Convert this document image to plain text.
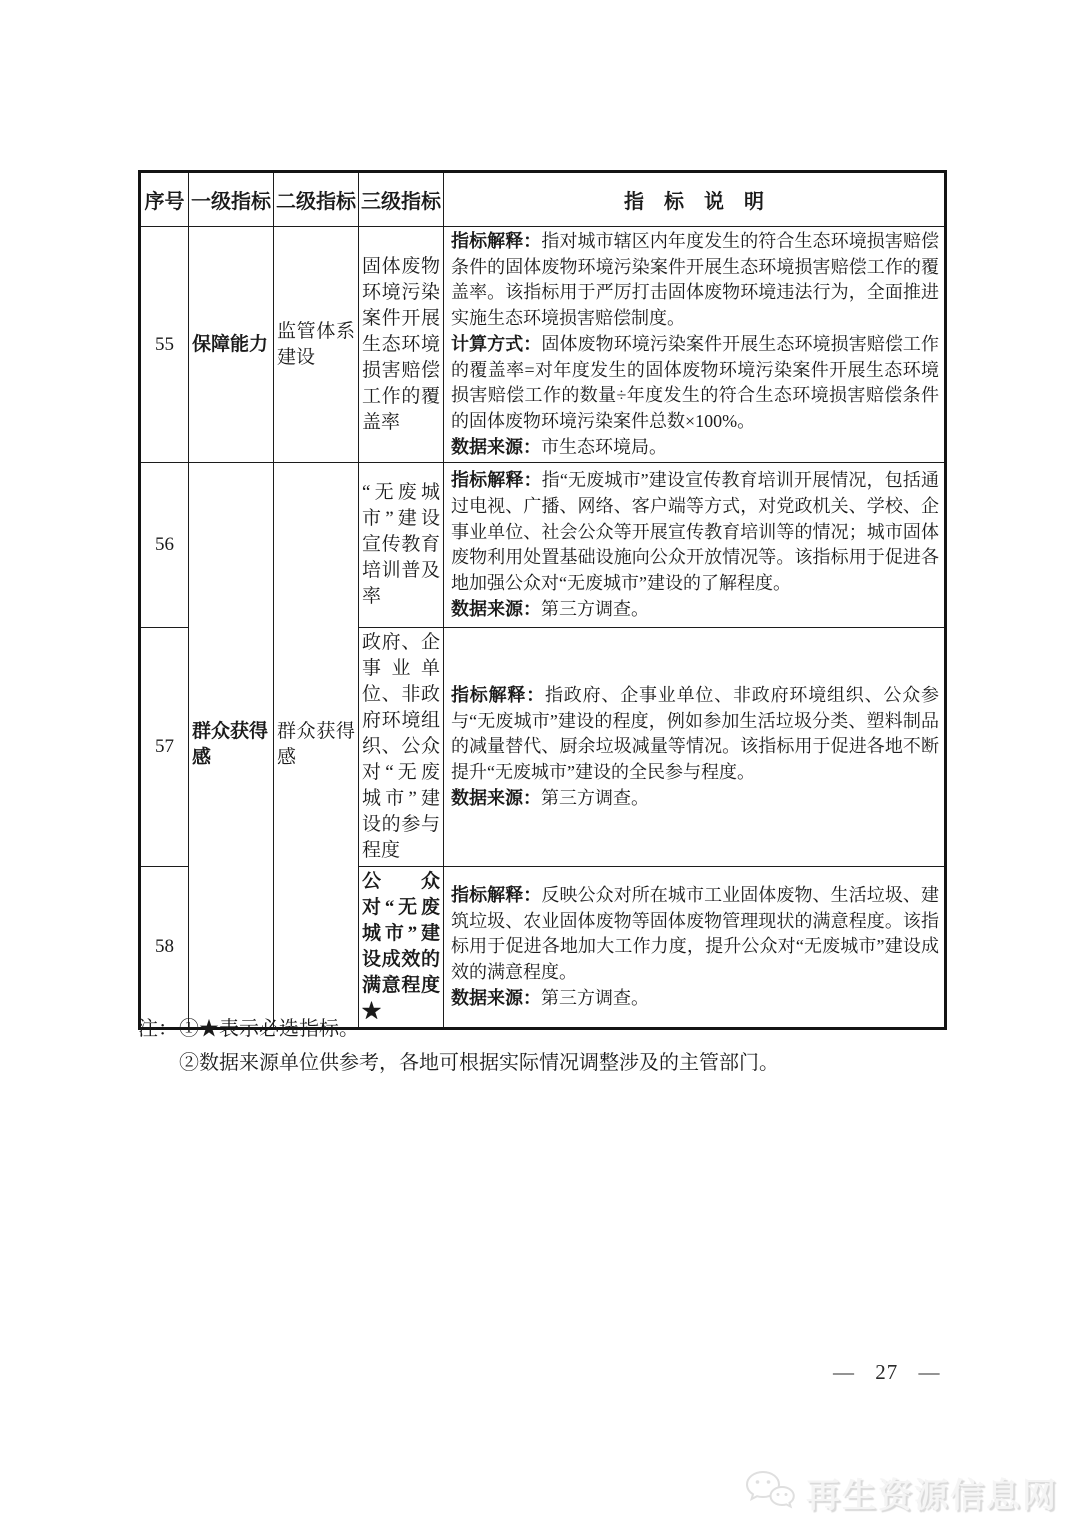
序号	一级指标	二级指标	三级指标	指　标　说　明
55	保障能力	监管体系建设	固体废物环境污染案件开展生态环境损害赔偿工作的覆盖率	指标解释：指对城市辖区内年度发生的符合生态环境损害赔偿条件的固体废物环境污染案件开展生态环境损害赔偿工作的覆盖率。该指标用于严厉打击固体废物环境违法行为，全面推进实施生态环境损害赔偿制度。

计算方式：固体废物环境污染案件开展生态环境损害赔偿工作的覆盖率=对年度发生的固体废物环境污染案件开展生态环境损害赔偿工作的数量÷年度发生的符合生态环境损害赔偿条件的固体废物环境污染案件总数×100%。

数据来源：市生态环境局。

56	群众获得感	群众获得感	“无废城市”建设宣传教育培训普及率	指标解释：指“无废城市”建设宣传教育培训开展情况，包括通过电视、广播、网络、客户端等方式，对党政机关、学校、企事业单位、社会公众等开展宣传教育培训等的情况；城市固体废物利用处置基础设施向公众开放情况等。该指标用于促进各地加强公众对“无废城市”建设的了解程度。

数据来源：第三方调查。

57			政府、企事业单位、非政府环境组织、公众对“无废城市”建设的参与程度	指标解释：指政府、企事业单位、非政府环境组织、公众参与“无废城市”建设的程度，例如参加生活垃圾分类、塑料制品的减量替代、厨余垃圾减量等情况。该指标用于促进各地不断提升“无废城市”建设的全民参与程度。

数据来源：第三方调查。

58			公众对“无废城市”建设成效的满意程度★	指标解释：反映公众对所在城市工业固体废物、生活垃圾、建筑垃圾、农业固体废物等固体废物管理现状的满意程度。该指标用于促进各地加大工作力度，提升公众对“无废城市”建设成效的满意程度。

数据来源：第三方调查。

注： ①★表示必选指标。
②数据来源单位供参考，各地可根据实际情况调整涉及的主管部门。
— 27 —
再生资源信息网
